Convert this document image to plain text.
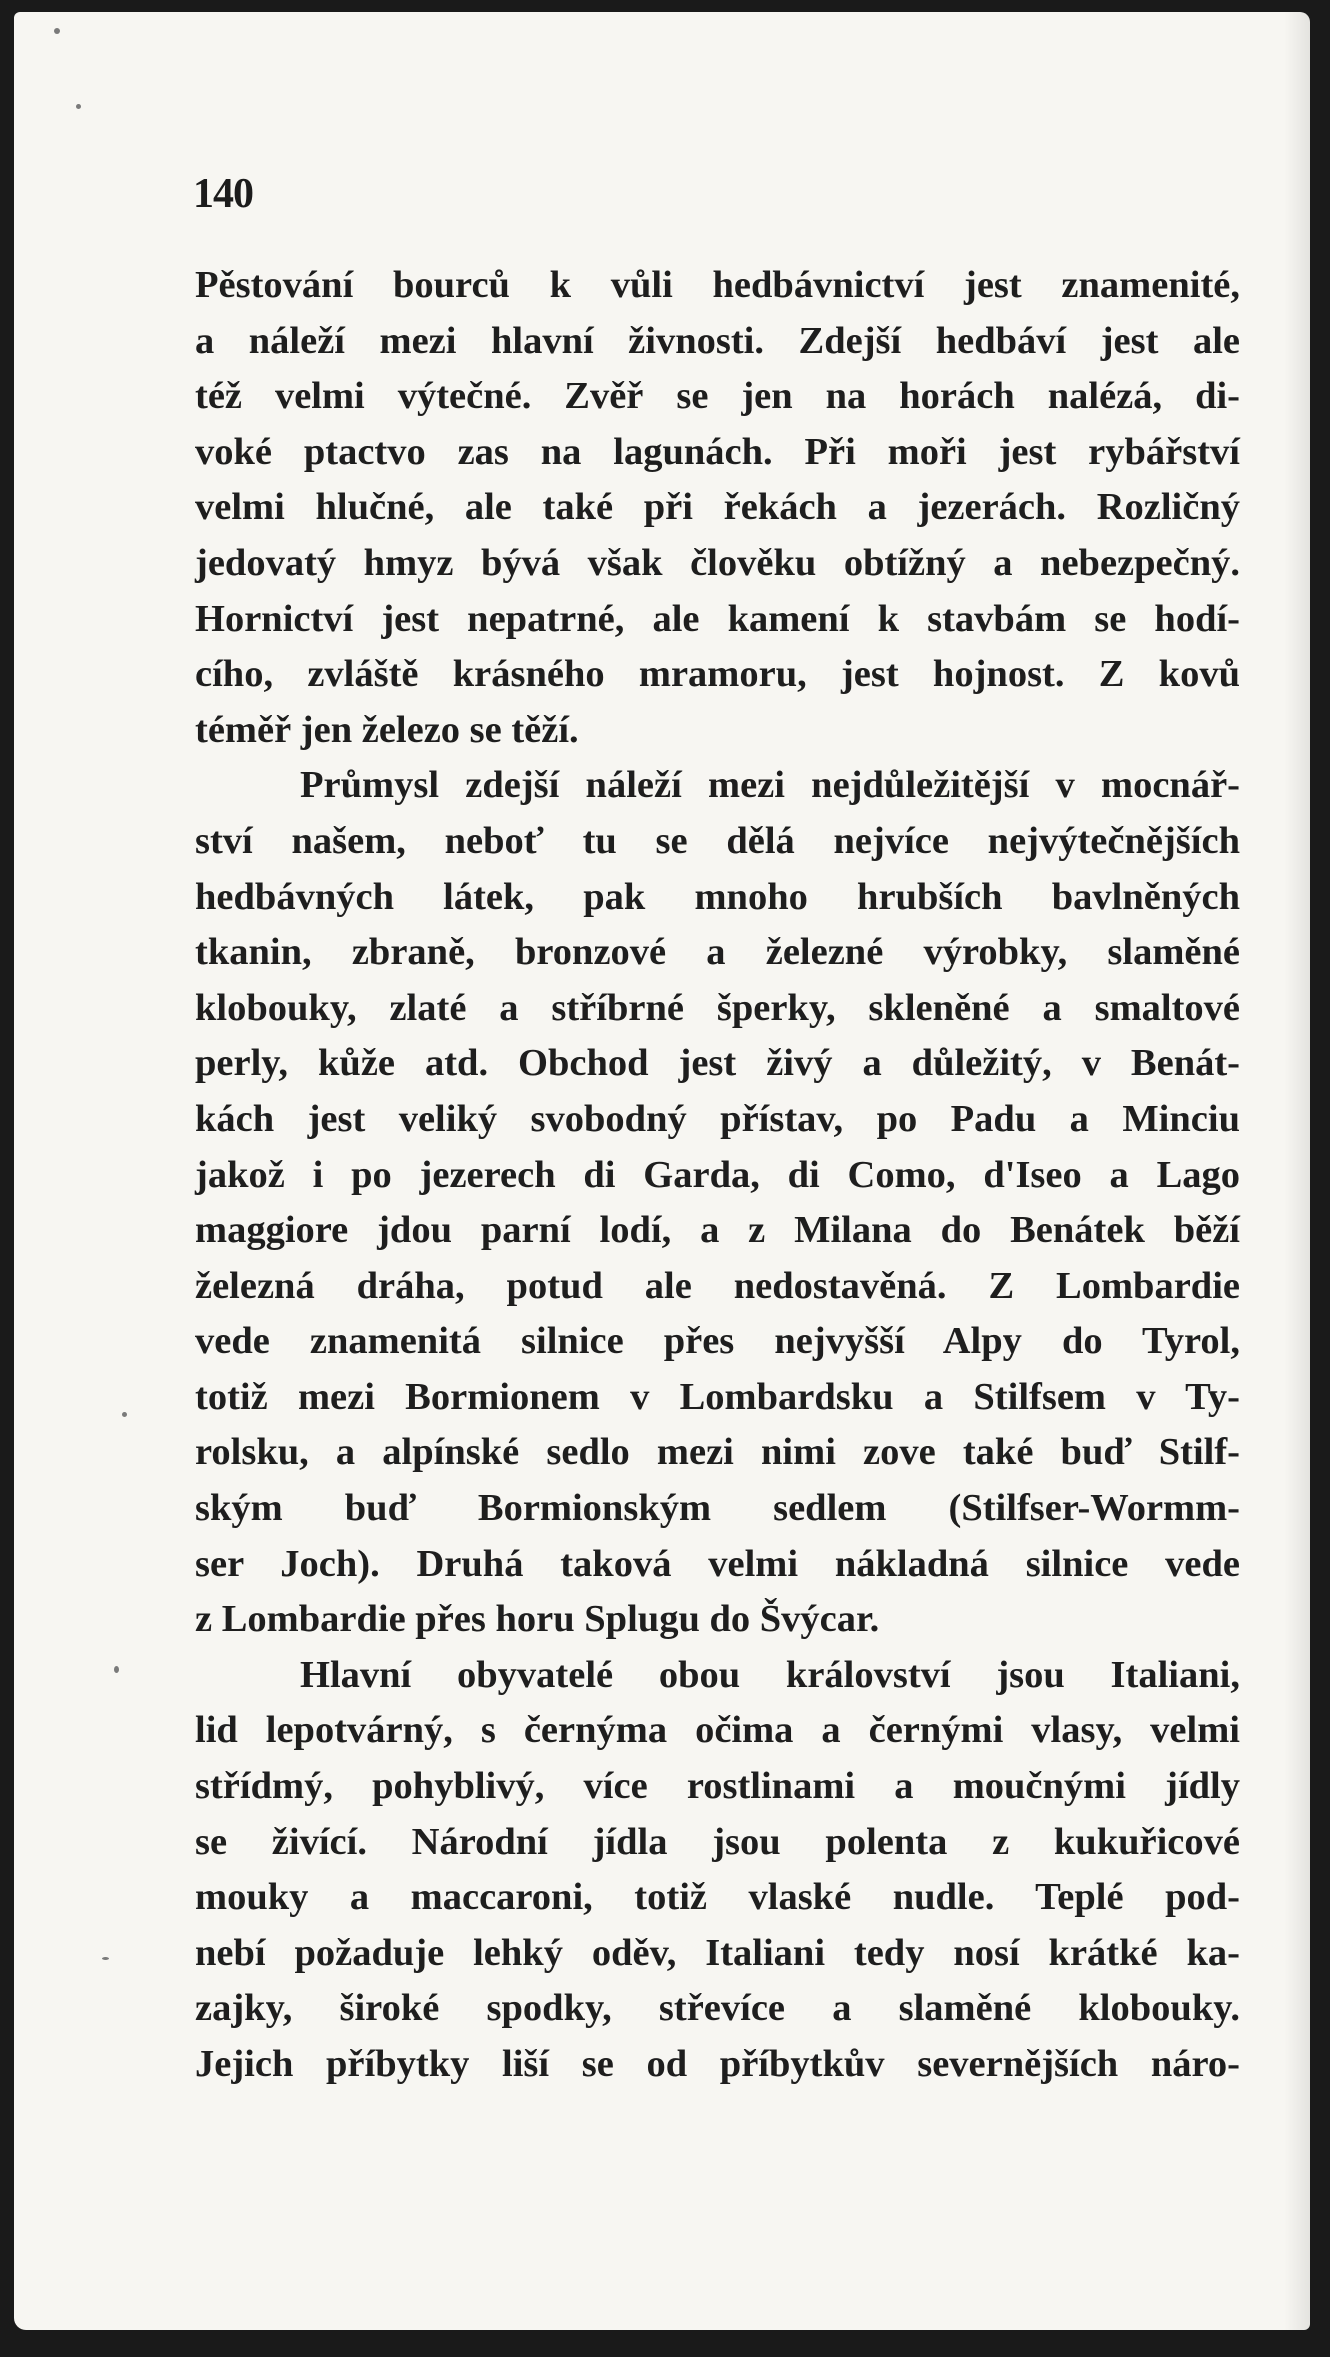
140
Pěstování bourců k vůli hedbávnictví jest znamenité,
a náleží mezi hlavní živnosti. Zdejší hedbáví jest ale
též velmi výtečné. Zvěř se jen na horách nalézá, di-
voké ptactvo zas na lagunách. Při moři jest rybářství
velmi hlučné, ale také při řekách a jezerách. Rozličný
jedovatý hmyz bývá však člověku obtížný a nebezpečný.
Hornictví jest nepatrné, ale kamení k stavbám se hodí-
cího, zvláště krásného mramoru, jest hojnost. Z kovů
téměř jen železo se těží.
Průmysl zdejší náleží mezi nejdůležitější v mocnář-
ství našem, neboť tu se dělá nejvíce nejvýtečnějších
hedbávných látek, pak mnoho hrubších bavlněných
tkanin, zbraně, bronzové a železné výrobky, slaměné
klobouky, zlaté a stříbrné šperky, skleněné a smaltové
perly, kůže atd. Obchod jest živý a důležitý, v Benát-
kách jest veliký svobodný přístav, po Padu a Minciu
jakož i po jezerech di Garda, di Como, d'Iseo a Lago
maggiore jdou parní lodí, a z Milana do Benátek běží
železná dráha, potud ale nedostavěná. Z Lombardie
vede znamenitá silnice přes nejvyšší Alpy do Tyrol,
totiž mezi Bormionem v Lombardsku a Stilfsem v Ty-
rolsku, a alpínské sedlo mezi nimi zove také buď Stilf-
ským buď Bormionským sedlem (Stilfser-Wormm-
ser Joch). Druhá taková velmi nákladná silnice vede
z Lombardie přes horu Splugu do Švýcar.
Hlavní obyvatelé obou království jsou Italiani,
lid lepotvárný, s černýma očima a černými vlasy, velmi
střídmý, pohyblivý, více rostlinami a moučnými jídly
se živící. Národní jídla jsou polenta z kukuřicové
mouky a maccaroni, totiž vlaské nudle. Teplé pod-
nebí požaduje lehký oděv, Italiani tedy nosí krátké ka-
zajky, široké spodky, střevíce a slaměné klobouky.
Jejich příbytky liší se od příbytkův severnějších náro-
